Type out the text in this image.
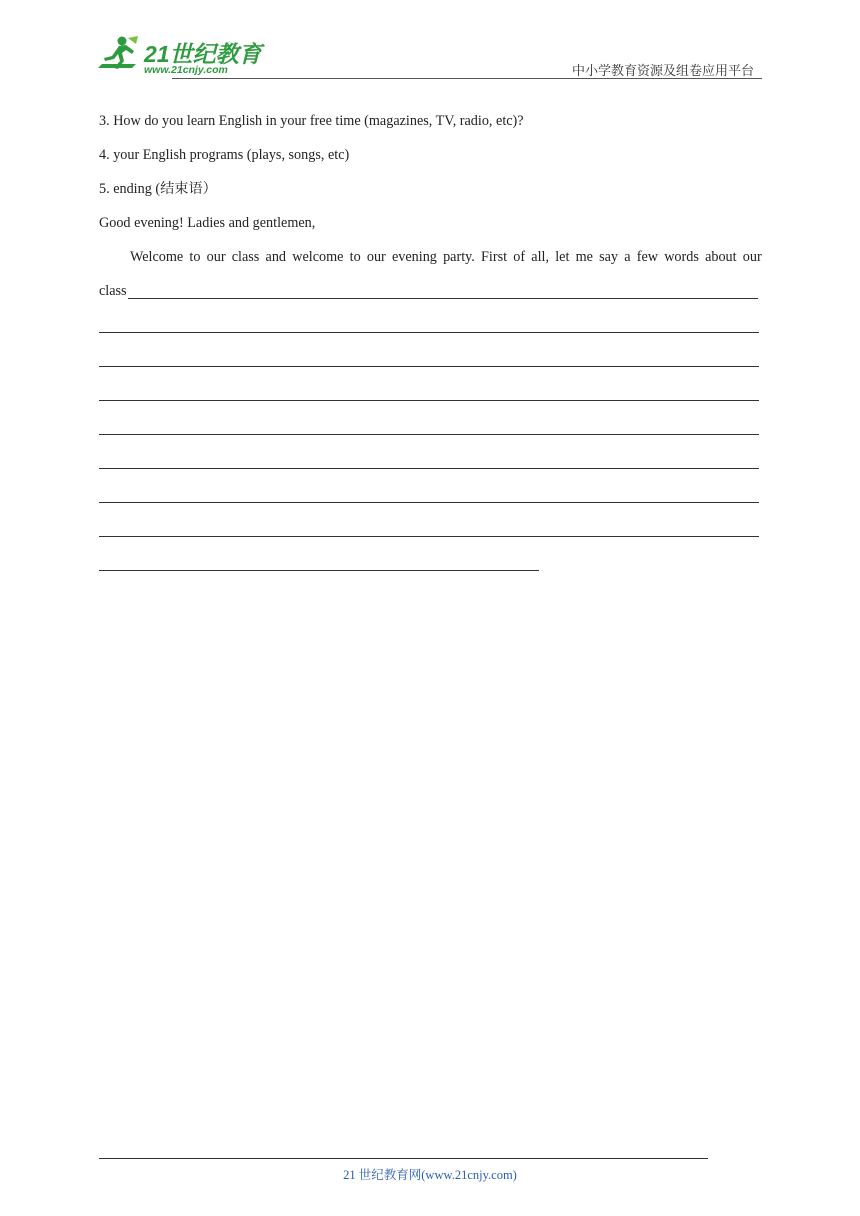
21世纪教育
www.21cnjy.com	中小学教育资源及组卷应用平台
3. How do you learn English in your free time (magazines, TV, radio, etc)?
4. your English programs (plays, songs, etc)
5. ending (结束语）
Good evening! Ladies and gentlemen,
Welcome to our class and welcome to our evening party. First of all, let me say a few words about our
class
21 世纪教育网(www.21cnjy.com)
